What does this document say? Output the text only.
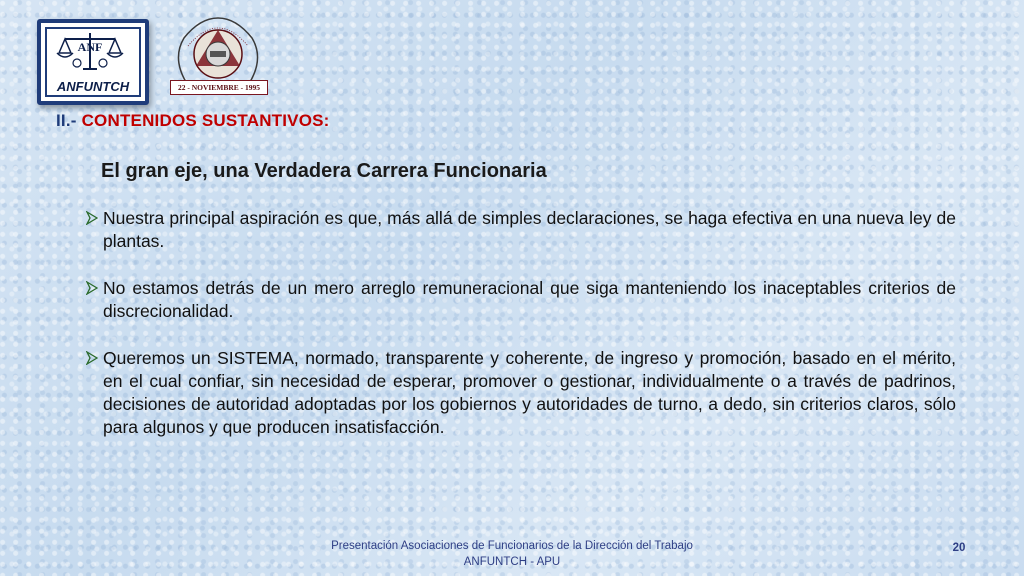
ANF
ANFUNTCH	22 - NOVIEMBRE - 1995
II.- CONTENIDOS SUSTANTIVOS:
El gran eje, una Verdadera Carrera Funcionaria
Nuestra principal aspiración es que, más allá de simples declaraciones, se haga efectiva en una nueva ley de plantas.
No estamos detrás de un mero arreglo remuneracional que siga manteniendo los inaceptables criterios de discrecionalidad.
Queremos un SISTEMA, normado, transparente y coherente, de ingreso y promoción, basado en el mérito, en el cual confiar, sin necesidad de esperar, promover o gestionar, individualmente o a través de padrinos, decisiones de autoridad adoptadas por los gobiernos y autoridades de turno, a dedo, sin criterios claros, sólo para algunos y que producen insatisfacción.
Presentación Asociaciones de Funcionarios de la Dirección del Trabajo
ANFUNTCH - APU
20
